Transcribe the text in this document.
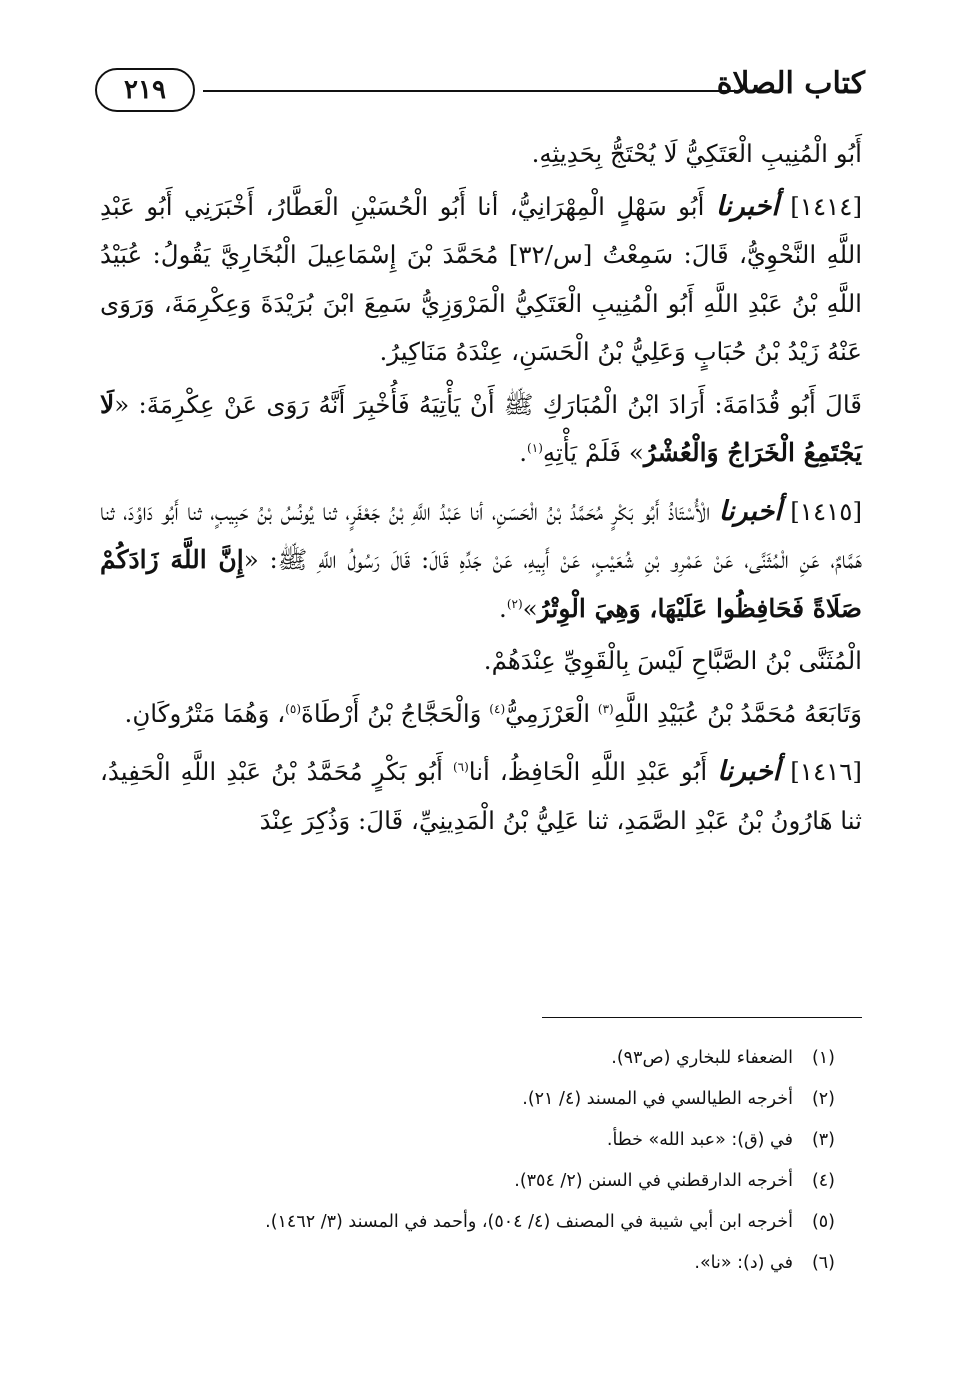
٢١٩	كتاب الصلاة

أَبُو الْمُنِيبِ الْعَتَكِيُّ لَا يُحْتَجُّ بِحَدِيثِهِ.

[١٤١٤] أخبرنا أَبُو سَهْلٍ الْمِهْرَانِيُّ، أنا أَبُو الْحُسَيْنِ الْعَطَّارُ، أَخْبَرَنِي أَبُو عَبْدِ اللَّهِ النَّحْوِيُّ، قَالَ: سَمِعْتُ [س/٣٢] مُحَمَّدَ بْنَ إِسْمَاعِيلَ الْبُخَارِيَّ يَقُولُ: عُبَيْدُ اللَّهِ بْنُ عَبْدِ اللَّهِ أَبُو الْمُنِيبِ الْعَتَكِيُّ الْمَرْوَزِيُّ سَمِعَ ابْنَ بُرَيْدَةَ وَعِكْرِمَةَ، وَرَوَى عَنْهُ زَيْدُ بْنُ حُبَابٍ وَعَلِيُّ بْنُ الْحَسَنِ، عِنْدَهُ مَنَاكِيرُ.

قَالَ أَبُو قُدَامَةَ: أَرَادَ ابْنُ الْمُبَارَكِ ﷺ أَنْ يَأْتِيَهُ فَأُخْبِرَ أَنَّهُ رَوَى عَنْ عِكْرِمَةَ: «لَا يَجْتَمِعُ الْخَرَاجُ وَالْعُشْرُ» فَلَمْ يَأْتِهِ$^{(١)}$.

[١٤١٥] أخبرنا الْأُسْتَاذُ أَبُو بَكْرٍ مُحَمَّدُ بْنُ الْحَسَنِ، أنا عَبْدُ اللَّهِ بْنُ جَعْفَرٍ، ثنا يُونُسُ بْنُ حَبِيبٍ، ثنا أَبُو دَاوُدَ، ثنا هَمَّامٌ، عَنِ الْمُثَنَّى، عَنْ عَمْرِو بْنِ شُعَيْبٍ، عَنْ أَبِيهِ، عَنْ جَدِّهِ قَالَ: قَالَ رَسُولُ اللَّهِ ﷺ: «إِنَّ اللَّهَ زَادَكُمْ صَلَاةً فَحَافِظُوا عَلَيْهَا، وَهِيَ الْوِتْرُ»$^{(٢)}$.

الْمُثَنَّى بْنُ الصَّبَّاحِ لَيْسَ بِالْقَوِيِّ عِنْدَهُمْ.

وَتَابَعَهُ مُحَمَّدُ بْنُ عُبَيْدِ اللَّهِ$^{(٣)}$ الْعَرْزَمِيُّ$^{(٤)}$ وَالْحَجَّاجُ بْنُ أَرْطَاةَ$^{(٥)}$، وَهُمَا مَتْرُوكَانِ.

[١٤١٦] أخبرنا أَبُو عَبْدِ اللَّهِ الْحَافِظُ، أنا$^{(٦)}$ أَبُو بَكْرٍ مُحَمَّدُ بْنُ عَبْدِ اللَّهِ الْحَفِيدُ، ثنا هَارُونُ بْنُ عَبْدِ الصَّمَدِ، ثنا عَلِيُّ بْنُ الْمَدِينِيِّ، قَالَ: وَذُكِرَ عِنْدَ

(١)
الضعفاء للبخاري (ص٩٣).
(٢)
أخرجه الطيالسي في المسند (٤/ ٢١).
(٣)
في (ق): «عبد الله» خطأ.
(٤)
أخرجه الدارقطني في السنن (٢/ ٣٥٤).
(٥)
أخرجه ابن أبي شيبة في المصنف (٤/ ٥٠٤)، وأحمد في المسند (٣/ ١٤٦٢).
(٦)
في (د): «نا».
